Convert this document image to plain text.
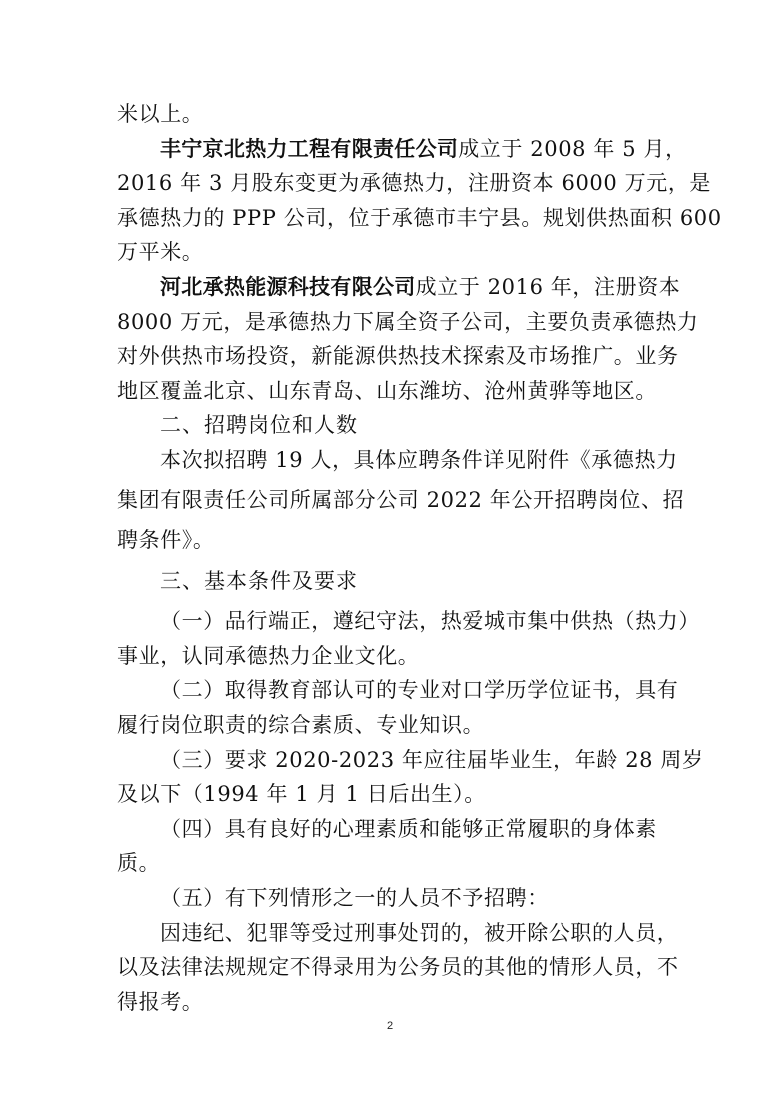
米以上。
丰宁京北热力工程有限责任公司成立于 2008 年 5 月，
2016 年 3 月股东变更为承德热力，注册资本 6000 万元，是
承德热力的 PPP 公司，位于承德市丰宁县。规划供热面积 600
万平米。
河北承热能源科技有限公司成立于 2016 年，注册资本
8000 万元，是承德热力下属全资子公司，主要负责承德热力
对外供热市场投资，新能源供热技术探索及市场推广。业务
地区覆盖北京、山东青岛、山东潍坊、沧州黄骅等地区。
二、招聘岗位和人数
本次拟招聘 19 人，具体应聘条件详见附件《承德热力
集团有限责任公司所属部分公司 2022 年公开招聘岗位、招
聘条件》。
三、基本条件及要求
（一）品行端正，遵纪守法，热爱城市集中供热（热力）
事业，认同承德热力企业文化。
（二）取得教育部认可的专业对口学历学位证书，具有
履行岗位职责的综合素质、专业知识。
（三）要求 2020-2023 年应往届毕业生，年龄 28 周岁
及以下（1994 年 1 月 1 日后出生）。
（四）具有良好的心理素质和能够正常履职的身体素
质。
（五）有下列情形之一的人员不予招聘：
因违纪、犯罪等受过刑事处罚的，被开除公职的人员，
以及法律法规规定不得录用为公务员的其他的情形人员，不
得报考。
2
